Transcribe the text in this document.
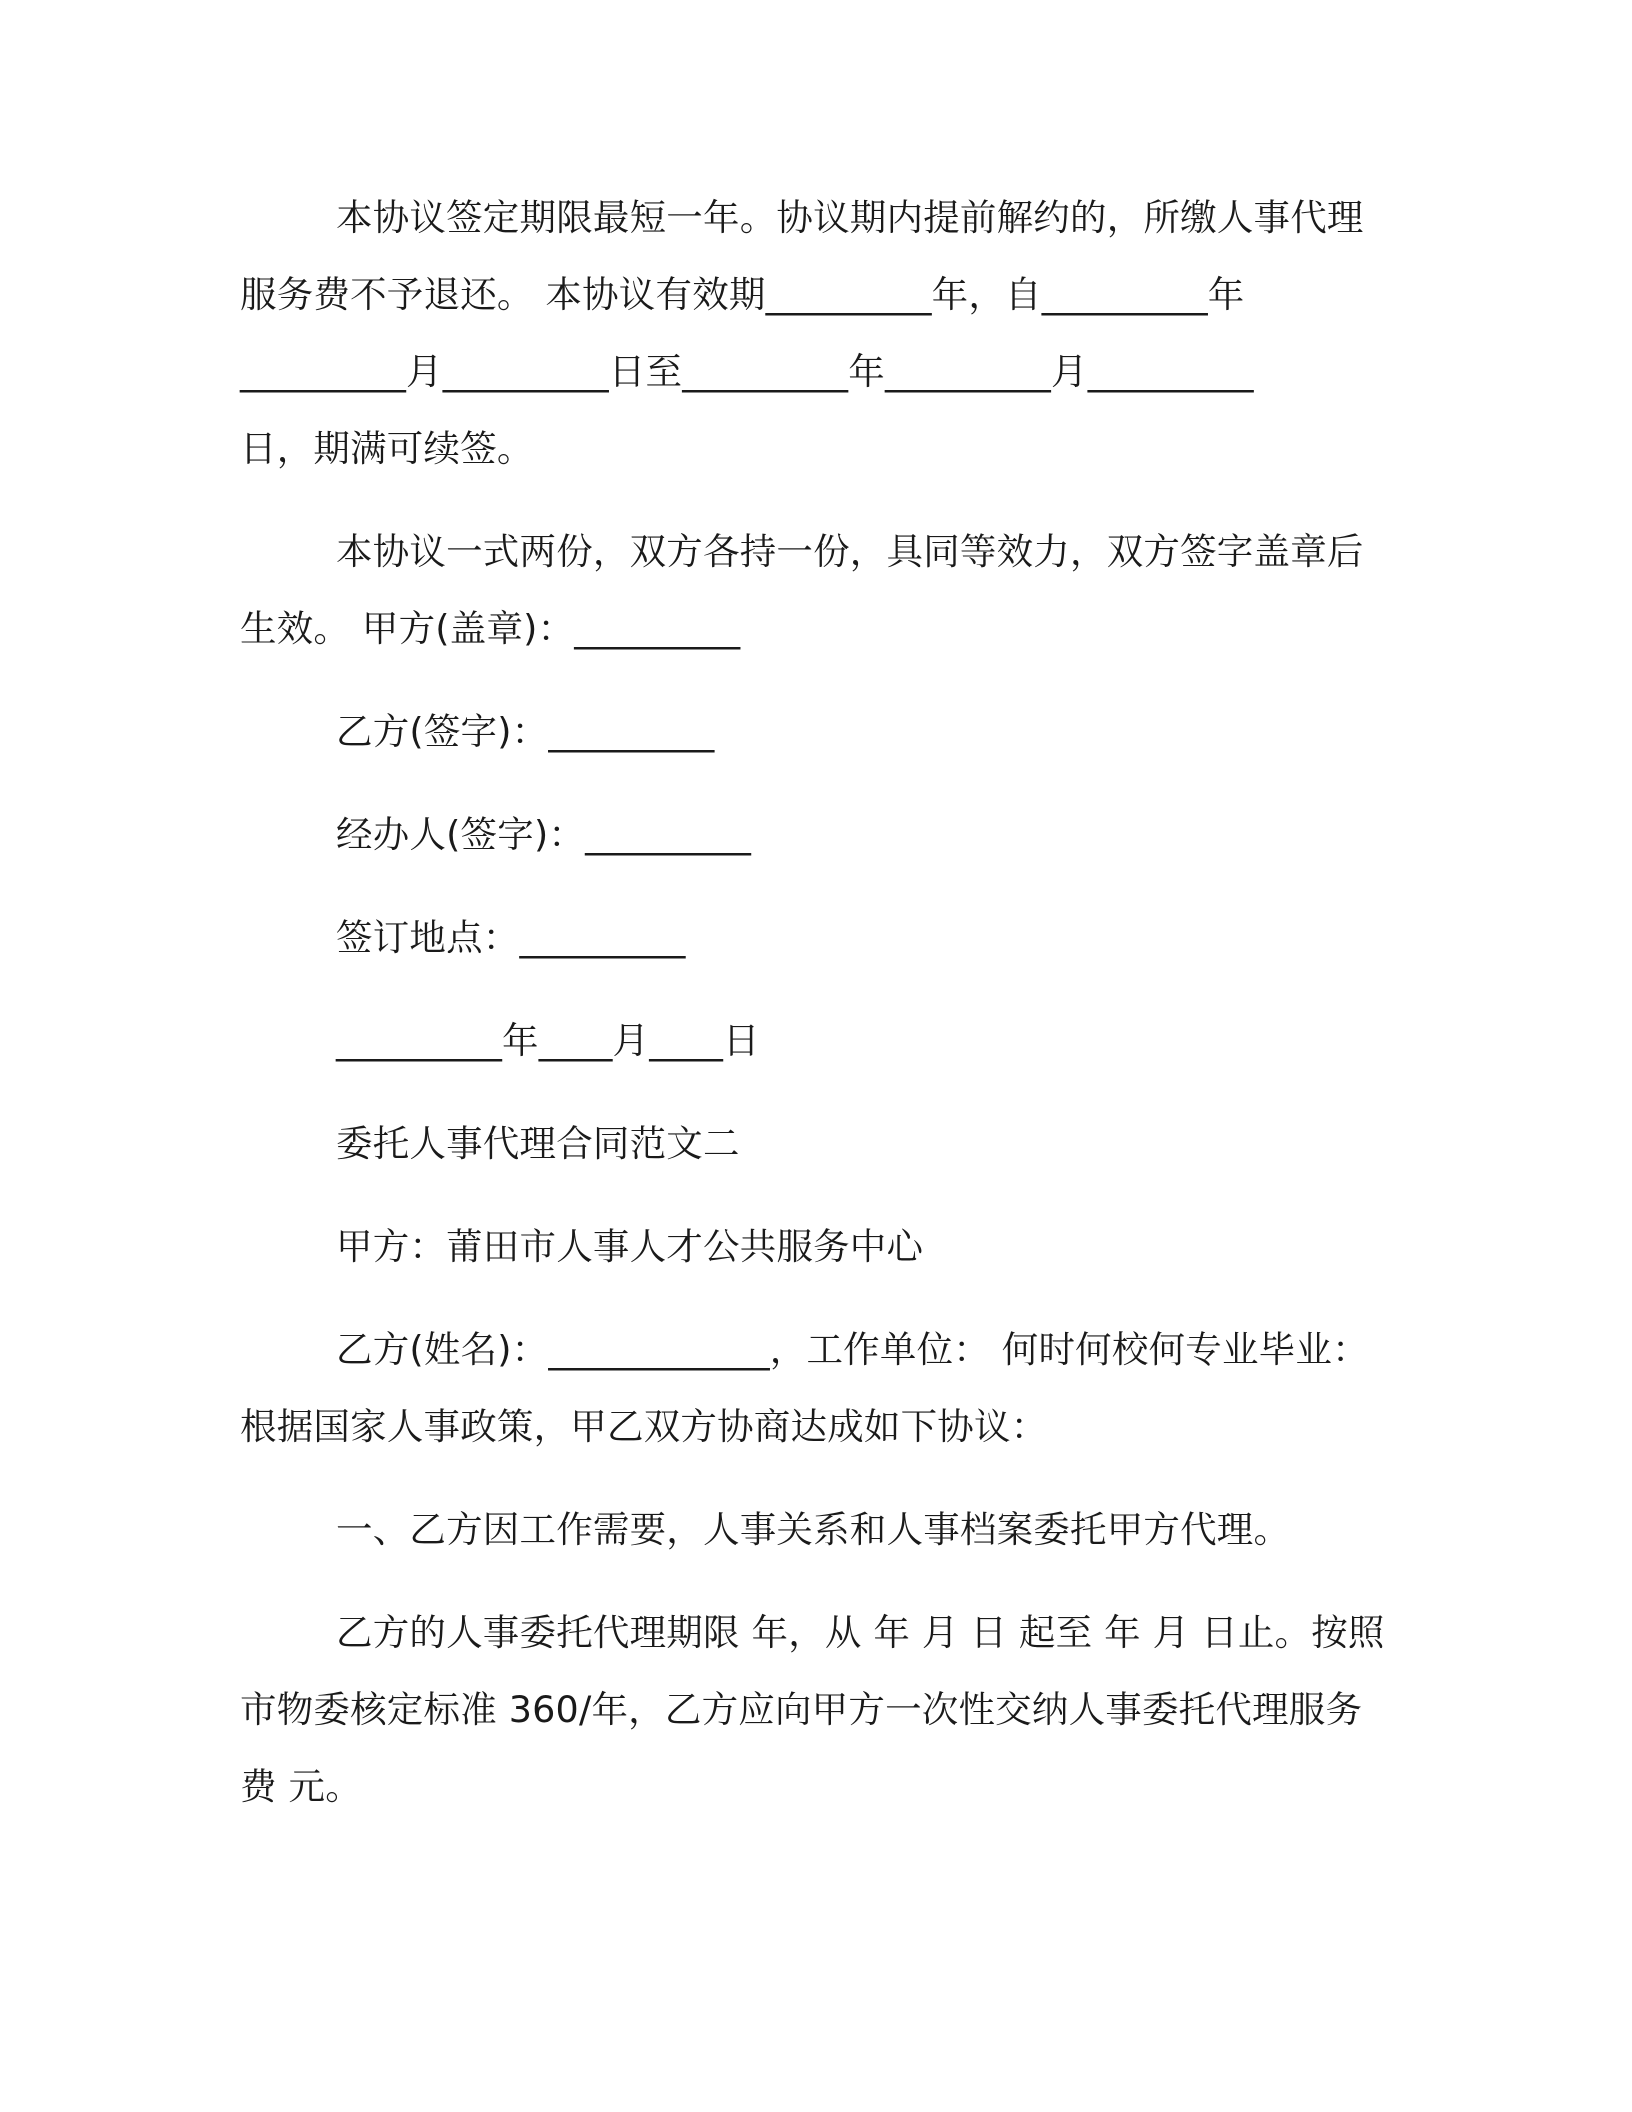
本协议签定期限最短一年。协议期内提前解约的，所缴人事代理
服务费不予退还。 本协议有效期_________年，自_________年
_________月_________日至_________年_________月_________
日，期满可续签。
本协议一式两份，双方各持一份，具同等效力，双方签字盖章后
生效。 甲方(盖章)：_________
乙方(签字)：_________
经办人(签字)：_________
签订地点：_________
_________年____月____日
委托人事代理合同范文二
甲方：莆田市人事人才公共服务中心
乙方(姓名)：____________，工作单位： 何时何校何专业毕业：
根据国家人事政策，甲乙双方协商达成如下协议：
一、乙方因工作需要，人事关系和人事档案委托甲方代理。
乙方的人事委托代理期限 年，从 年 月 日 起至 年 月 日止。按照
市物委核定标准 360/年，乙方应向甲方一次性交纳人事委托代理服务
费 元。
